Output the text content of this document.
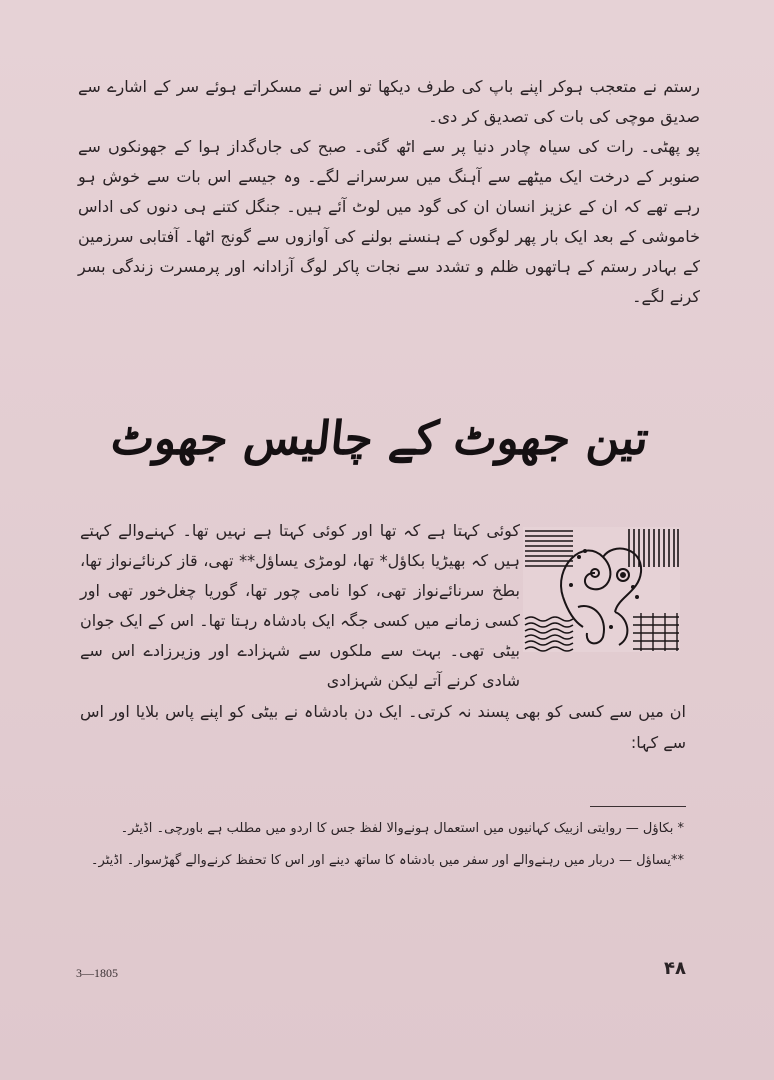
رستم نے متعجب ہوکر اپنے باپ کی طرف دیکھا تو اس نے مسکراتے ہوئے سر کے اشارے سے صدیق موچی کی بات کی تصدیق کر دی۔

پو پھٹی۔ رات کی سیاہ چادر دنیا پر سے اٹھ گئی۔ صبح کی جاں‌گداز ہوا کے جھونکوں سے صنوبر کے درخت ایک میٹھے سے آہنگ میں سرسرانے لگے۔ وہ جیسے اس بات سے خوش ہو رہے تھے کہ ان کے عزیز انسان ان کی گود میں لوٹ آئے ہیں۔ جنگل کتنے ہی دنوں کی اداس خاموشی کے بعد ایک بار پھر لوگوں کے ہنسنے بولنے کی آوازوں سے گونج اٹھا۔ آفتابی سرزمین کے بہادر رستم کے ہاتھوں ظلم و تشدد سے نجات پاکر لوگ آزادانہ اور پرمسرت زندگی بسر کرنے لگے۔

تین جھوٹ کے چالیس جھوٹ

کوئی کہتا ہے کہ تھا اور کوئی کہتا ہے نہیں تھا۔ کہنےوالے کہتے ہیں کہ بھیڑیا بکاؤل* تھا، لومڑی یساؤل** تھی، قاز کرنائےنواز تھا، بطخ سرنائےنواز تھی، کوا نامی چور تھا، گوریا چغل‌خور تھی اور کسی زمانے میں کسی جگہ ایک بادشاہ رہتا تھا۔ اس کے ایک جوان بیٹی تھی۔ بہت سے ملکوں سے شہزادے اور وزیرزادے اس سے شادی کرنے آتے لیکن شہزادی

ان میں سے کسی کو بھی پسند نہ کرتی۔ ایک دن بادشاہ نے بیٹی کو اپنے پاس بلایا اور اس سے کہا:

* بکاؤل — روایتی ازبیک کہانیوں میں استعمال ہونےوالا لفظ جس کا اردو میں مطلب ہے باورچی۔ اڈیٹر۔

**یساؤل — دربار میں رہنےوالے اور سفر میں بادشاہ کا ساتھ دینے اور اس کا تحفظ کرنےوالے گھڑسوار۔ اڈیٹر۔

3—1805	۴۸
